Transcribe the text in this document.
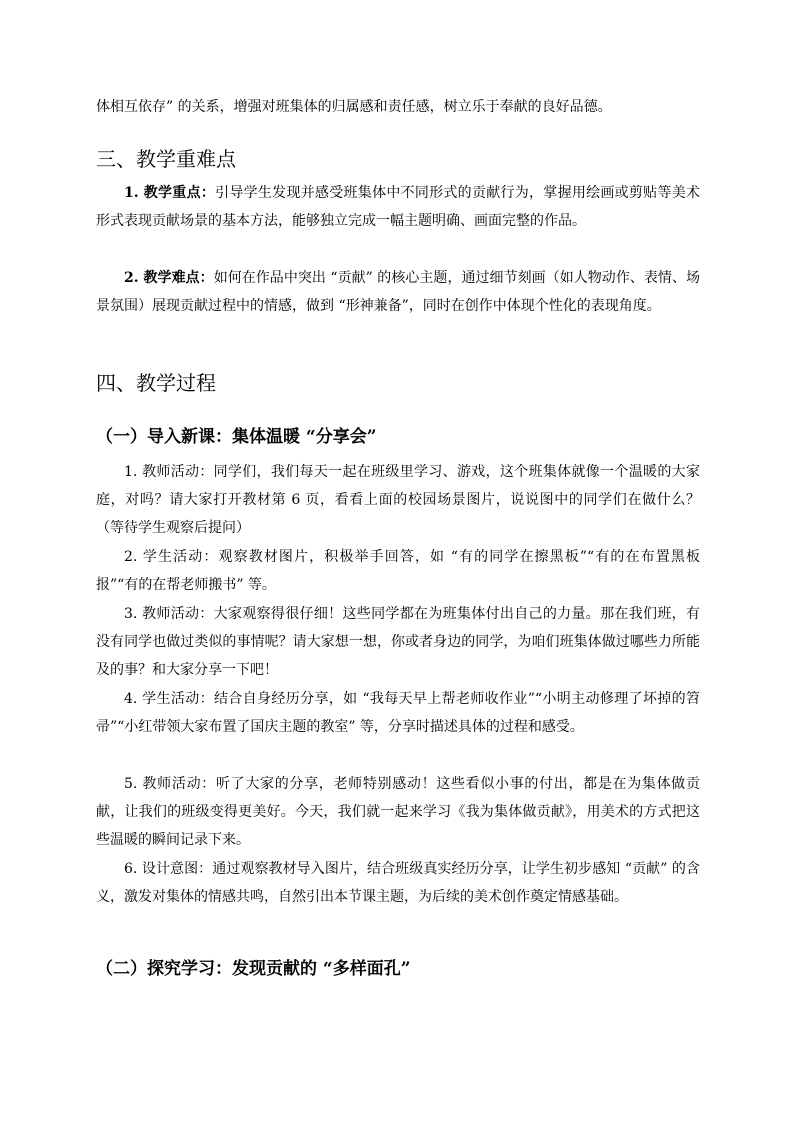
体相互依存” 的关系，增强对班集体的归属感和责任感，树立乐于奉献的良好品德。

三、教学重难点

1. 教学重点：引导学生发现并感受班集体中不同形式的贡献行为，掌握用绘画或剪贴等美术形式表现贡献场景的基本方法，能够独立完成一幅主题明确、画面完整的作品。

2. 教学难点：如何在作品中突出 “贡献” 的核心主题，通过细节刻画（如人物动作、表情、场景氛围）展现贡献过程中的情感，做到 “形神兼备”，同时在创作中体现个性化的表现角度。

四、教学过程
（一）导入新课：集体温暖 “分享会”

1. 教师活动：同学们，我们每天一起在班级里学习、游戏，这个班集体就像一个温暖的大家庭，对吗？请大家打开教材第 6 页，看看上面的校园场景图片，说说图中的同学们在做什么？（等待学生观察后提问）

2. 学生活动：观察教材图片，积极举手回答，如 “有的同学在擦黑板”“有的在布置黑板报”“有的在帮老师搬书” 等。

3. 教师活动：大家观察得很仔细！这些同学都在为班集体付出自己的力量。那在我们班，有没有同学也做过类似的事情呢？请大家想一想，你或者身边的同学，为咱们班集体做过哪些力所能及的事？和大家分享一下吧！

4. 学生活动：结合自身经历分享，如 “我每天早上帮老师收作业”“小明主动修理了坏掉的笤帚”“小红带领大家布置了国庆主题的教室” 等，分享时描述具体的过程和感受。

5. 教师活动：听了大家的分享，老师特别感动！这些看似小事的付出，都是在为集体做贡献，让我们的班级变得更美好。今天，我们就一起来学习《我为集体做贡献》，用美术的方式把这些温暖的瞬间记录下来。

6. 设计意图：通过观察教材导入图片，结合班级真实经历分享，让学生初步感知 “贡献” 的含义，激发对集体的情感共鸣，自然引出本节课主题，为后续的美术创作奠定情感基础。

（二）探究学习：发现贡献的 “多样面孔”
